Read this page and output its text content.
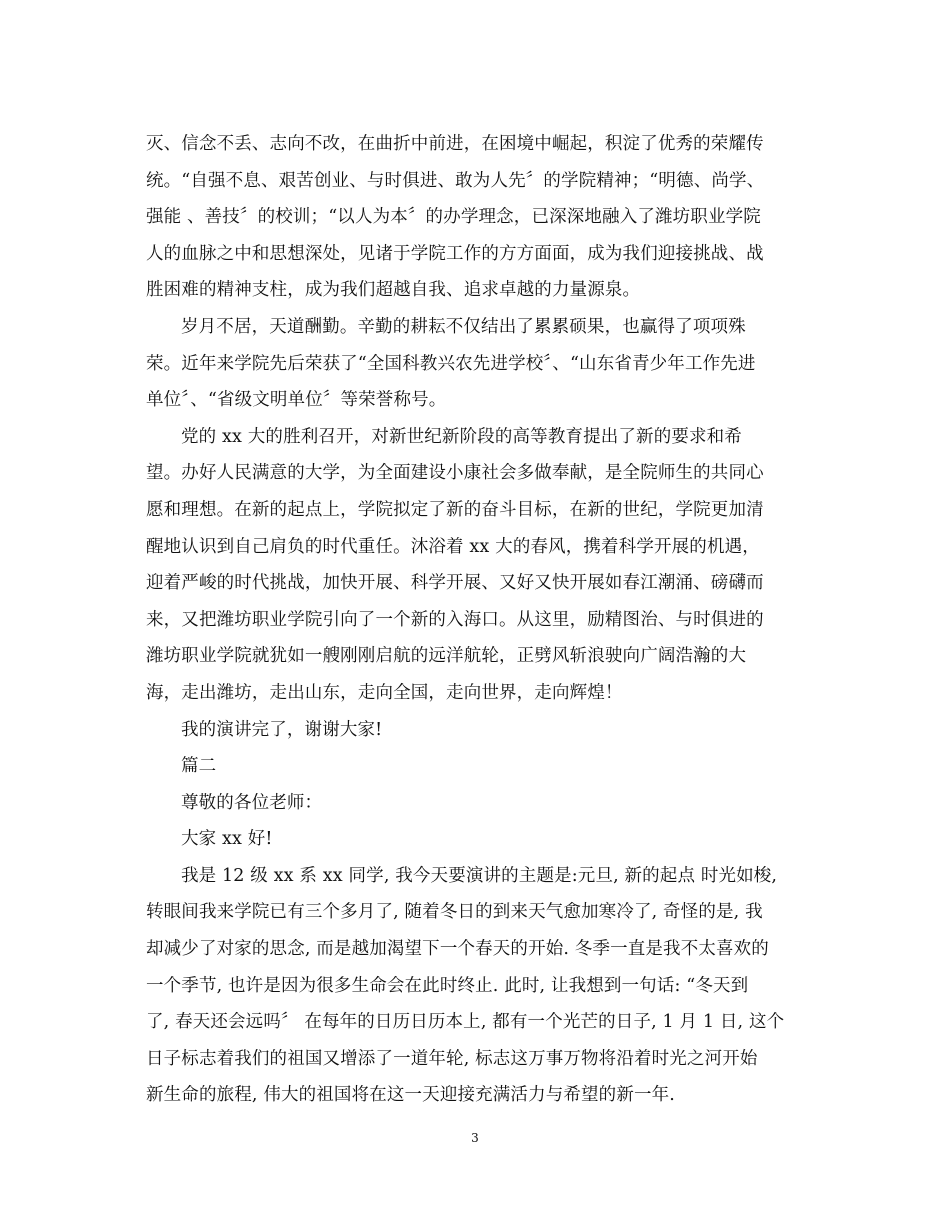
灭、信念不丢、志向不改，在曲折中前进，在困境中崛起，积淀了优秀的荣耀传
统。“自强不息、艰苦创业、与时俱进、敢为人先〞的学院精神；“明德、尚学、
强能 、善技〞的校训；“以人为本〞的办学理念，已深深地融入了潍坊职业学院
人的血脉之中和思想深处，见诸于学院工作的方方面面，成为我们迎接挑战、战
胜困难的精神支柱，成为我们超越自我、追求卓越的力量源泉。
岁月不居，天道酬勤。辛勤的耕耘不仅结出了累累硕果，也赢得了项项殊
荣。近年来学院先后荣获了“全国科教兴农先进学校〞、“山东省青少年工作先进
单位〞、“省级文明单位〞等荣誉称号。
党的 xx 大的胜利召开，对新世纪新阶段的高等教育提出了新的要求和希
望。办好人民满意的大学，为全面建设小康社会多做奉献，是全院师生的共同心
愿和理想。在新的起点上，学院拟定了新的奋斗目标，在新的世纪，学院更加清
醒地认识到自己肩负的时代重任。沐浴着 xx 大的春风，携着科学开展的机遇，
迎着严峻的时代挑战，加快开展、科学开展、又好又快开展如春江潮涌、磅礴而
来，又把潍坊职业学院引向了一个新的入海口。从这里，励精图治、与时俱进的
潍坊职业学院就犹如一艘刚刚启航的远洋航轮，正劈风斩浪驶向广阔浩瀚的大
海，走出潍坊，走出山东，走向全国，走向世界，走向辉煌！
我的演讲完了，谢谢大家!
篇二
尊敬的各位老师：
大家 xx 好!
我是 12 级 xx 系 xx 同学, 我今天要演讲的主题是:元旦, 新的起点 时光如梭,
转眼间我来学院已有三个多月了, 随着冬日的到来天气愈加寒冷了, 奇怪的是, 我
却减少了对家的思念, 而是越加渴望下一个春天的开始. 冬季一直是我不太喜欢的
一个季节, 也许是因为很多生命会在此时终止. 此时, 让我想到一句话: “冬天到
了, 春天还会远吗〞 在每年的日历日历本上, 都有一个光芒的日子, 1 月 1 日, 这个
日子标志着我们的祖国又增添了一道年轮, 标志这万事万物将沿着时光之河开始
新生命的旅程, 伟大的祖国将在这一天迎接充满活力与希望的新一年.
3
